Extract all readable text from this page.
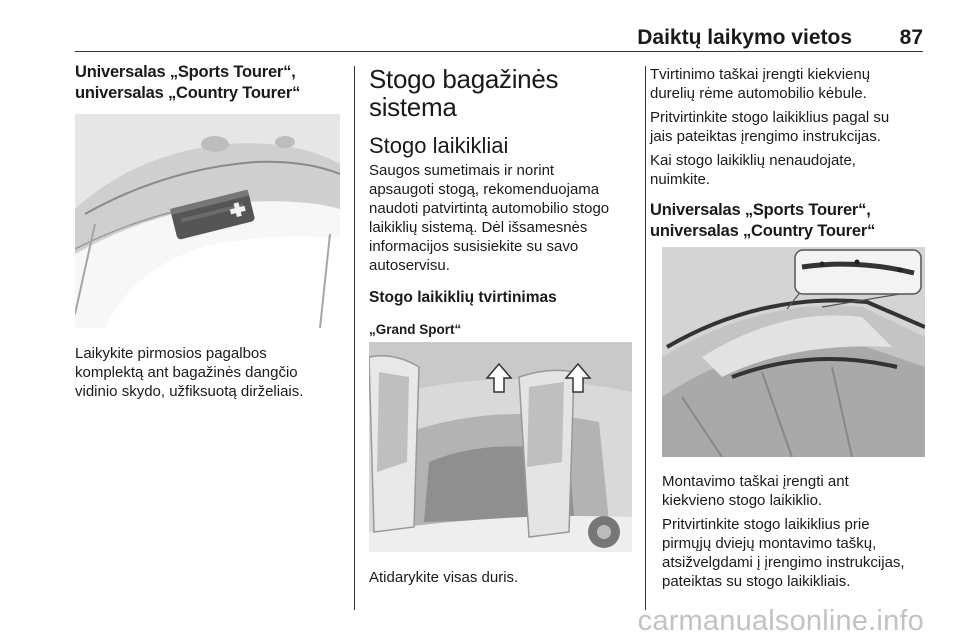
Daiktų laikymo vietos 87
Universalas „Sports Tourer“,
universalas „Country Tourer“
Laikykite pirmosios pagalbos
komplektą ant bagažinės dangčio
vidinio skydo, užfiksuotą dirželiais.
Stogo bagažinės
sistema
Stogo laikikliai
Saugos sumetimais ir norint
apsaugoti stogą, rekomenduojama
naudoti patvirtintą automobilio stogo
laikiklių sistemą. Dėl išsamesnės
informacijos susisiekite su savo
autoservisu.
Stogo laikiklių tvirtinimas
„Grand Sport“
Atidarykite visas duris.
Tvirtinimo taškai įrengti kiekvienų
durelių rėme automobilio kėbule.
Pritvirtinkite stogo laikiklius pagal su
jais pateiktas įrengimo instrukcijas.
Kai stogo laikiklių nenaudojate,
nuimkite.
Universalas „Sports Tourer“,
universalas „Country Tourer“
Montavimo taškai įrengti ant
kiekvieno stogo laikiklio.
Pritvirtinkite stogo laikiklius prie
pirmųjų dviejų montavimo taškų,
atsižvelgdami į įrengimo instrukcijas,
pateiktas su stogo laikikliais.
carmanualsonline.info
